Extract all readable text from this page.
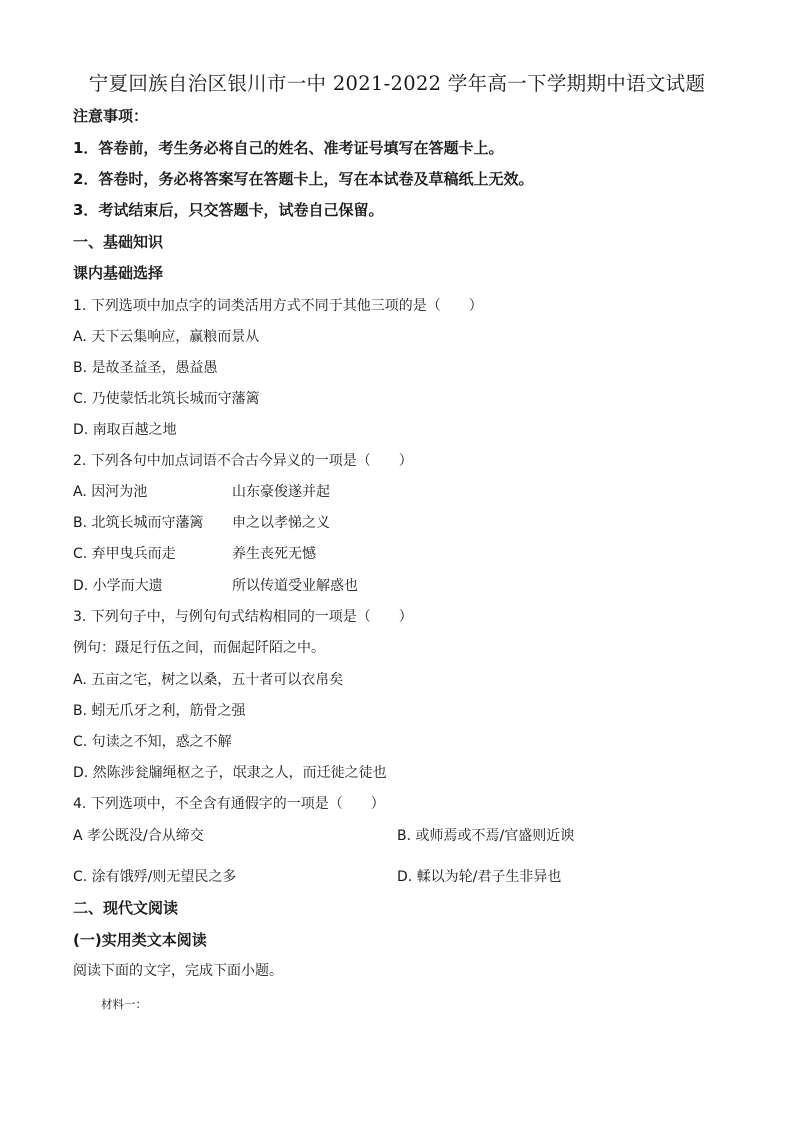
宁夏回族自治区银川市一中 2021-2022 学年高一下学期期中语文试题
注意事项：
1．答卷前，考生务必将自己的姓名、准考证号填写在答题卡上。
2．答卷时，务必将答案写在答题卡上，写在本试卷及草稿纸上无效。
3．考试结束后，只交答题卡，试卷自己保留。
一、基础知识
课内基础选择
1. 下列选项中加点字的词类活用方式不同于其他三项的是（　　）
A. 天下云集响应，赢粮而景从
B. 是故圣益圣，愚益愚
C. 乃使蒙恬北筑长城而守藩篱
D. 南取百越之地
2. 下列各句中加点词语不合古今异义的一项是（　　）
A. 因河为池	山东豪俊遂并起
B. 北筑长城而守藩篱 申之以孝悌之义
C. 弃甲曳兵而走	养生丧死无憾
D. 小学而大遗	所以传道受业解惑也
3. 下列句子中，与例句句式结构相同的一项是（　　）
例句：蹑足行伍之间，而倔起阡陌之中。
A. 五亩之宅，树之以桑，五十者可以衣帛矣
B. 蚓无爪牙之利，筋骨之强
C. 句读之不知，惑之不解
D. 然陈涉瓮牖绳枢之子，氓隶之人，而迁徙之徒也
4. 下列选项中，不全含有通假字的一项是（　　）
A 孝公既没/合从缔交	B. 或师焉或不焉/官盛则近谀
C. 涂有饿殍/则无望民之多	D. 輮以为轮/君子生非异也
二、现代文阅读
(一)实用类文本阅读
阅读下面的文字，完成下面小题。
材料一：
